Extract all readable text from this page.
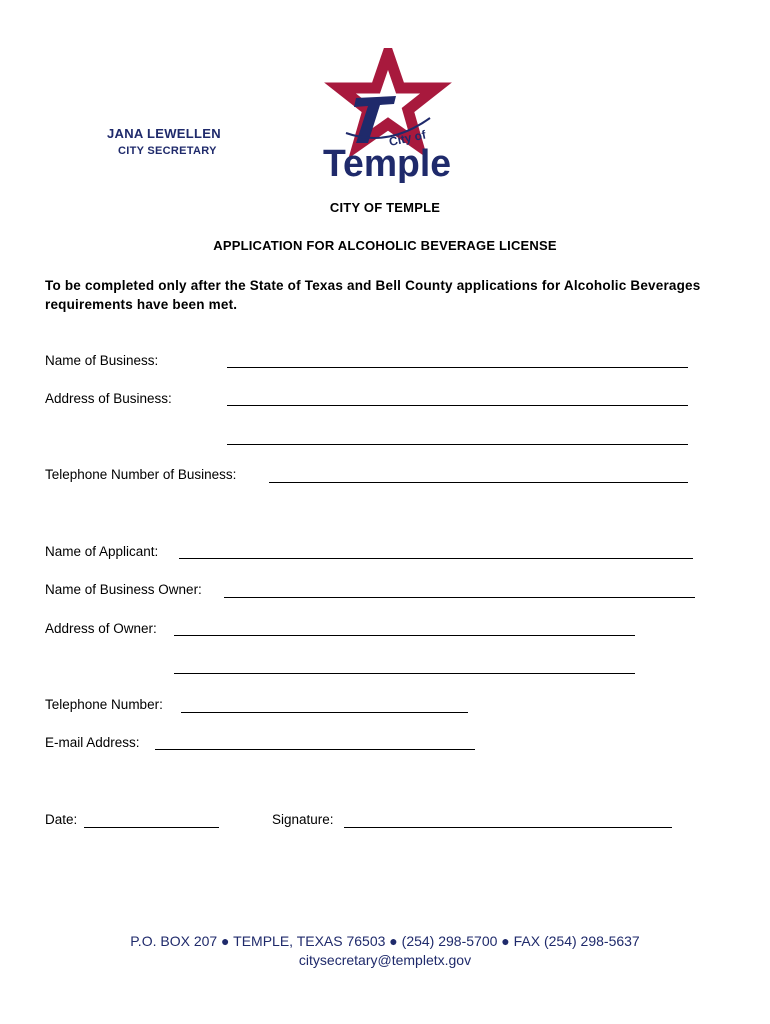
JANA LEWELLEN
CITY SECRETARY
City of
Temple
CITY OF TEMPLE
APPLICATION FOR ALCOHOLIC BEVERAGE LICENSE
To be completed only after the State of Texas and Bell County applications for Alcoholic Beverages requirements have been met.
Name of Business:
Address of Business:
Telephone Number of Business:
Name of Applicant:
Name of Business Owner:
Address of Owner:
Telephone Number:
E-mail Address:
Date:	Signature:
P.O. BOX 207 ● TEMPLE, TEXAS 76503 ● (254) 298-5700 ● FAX (254) 298-5637
citysecretary@templetx.gov
